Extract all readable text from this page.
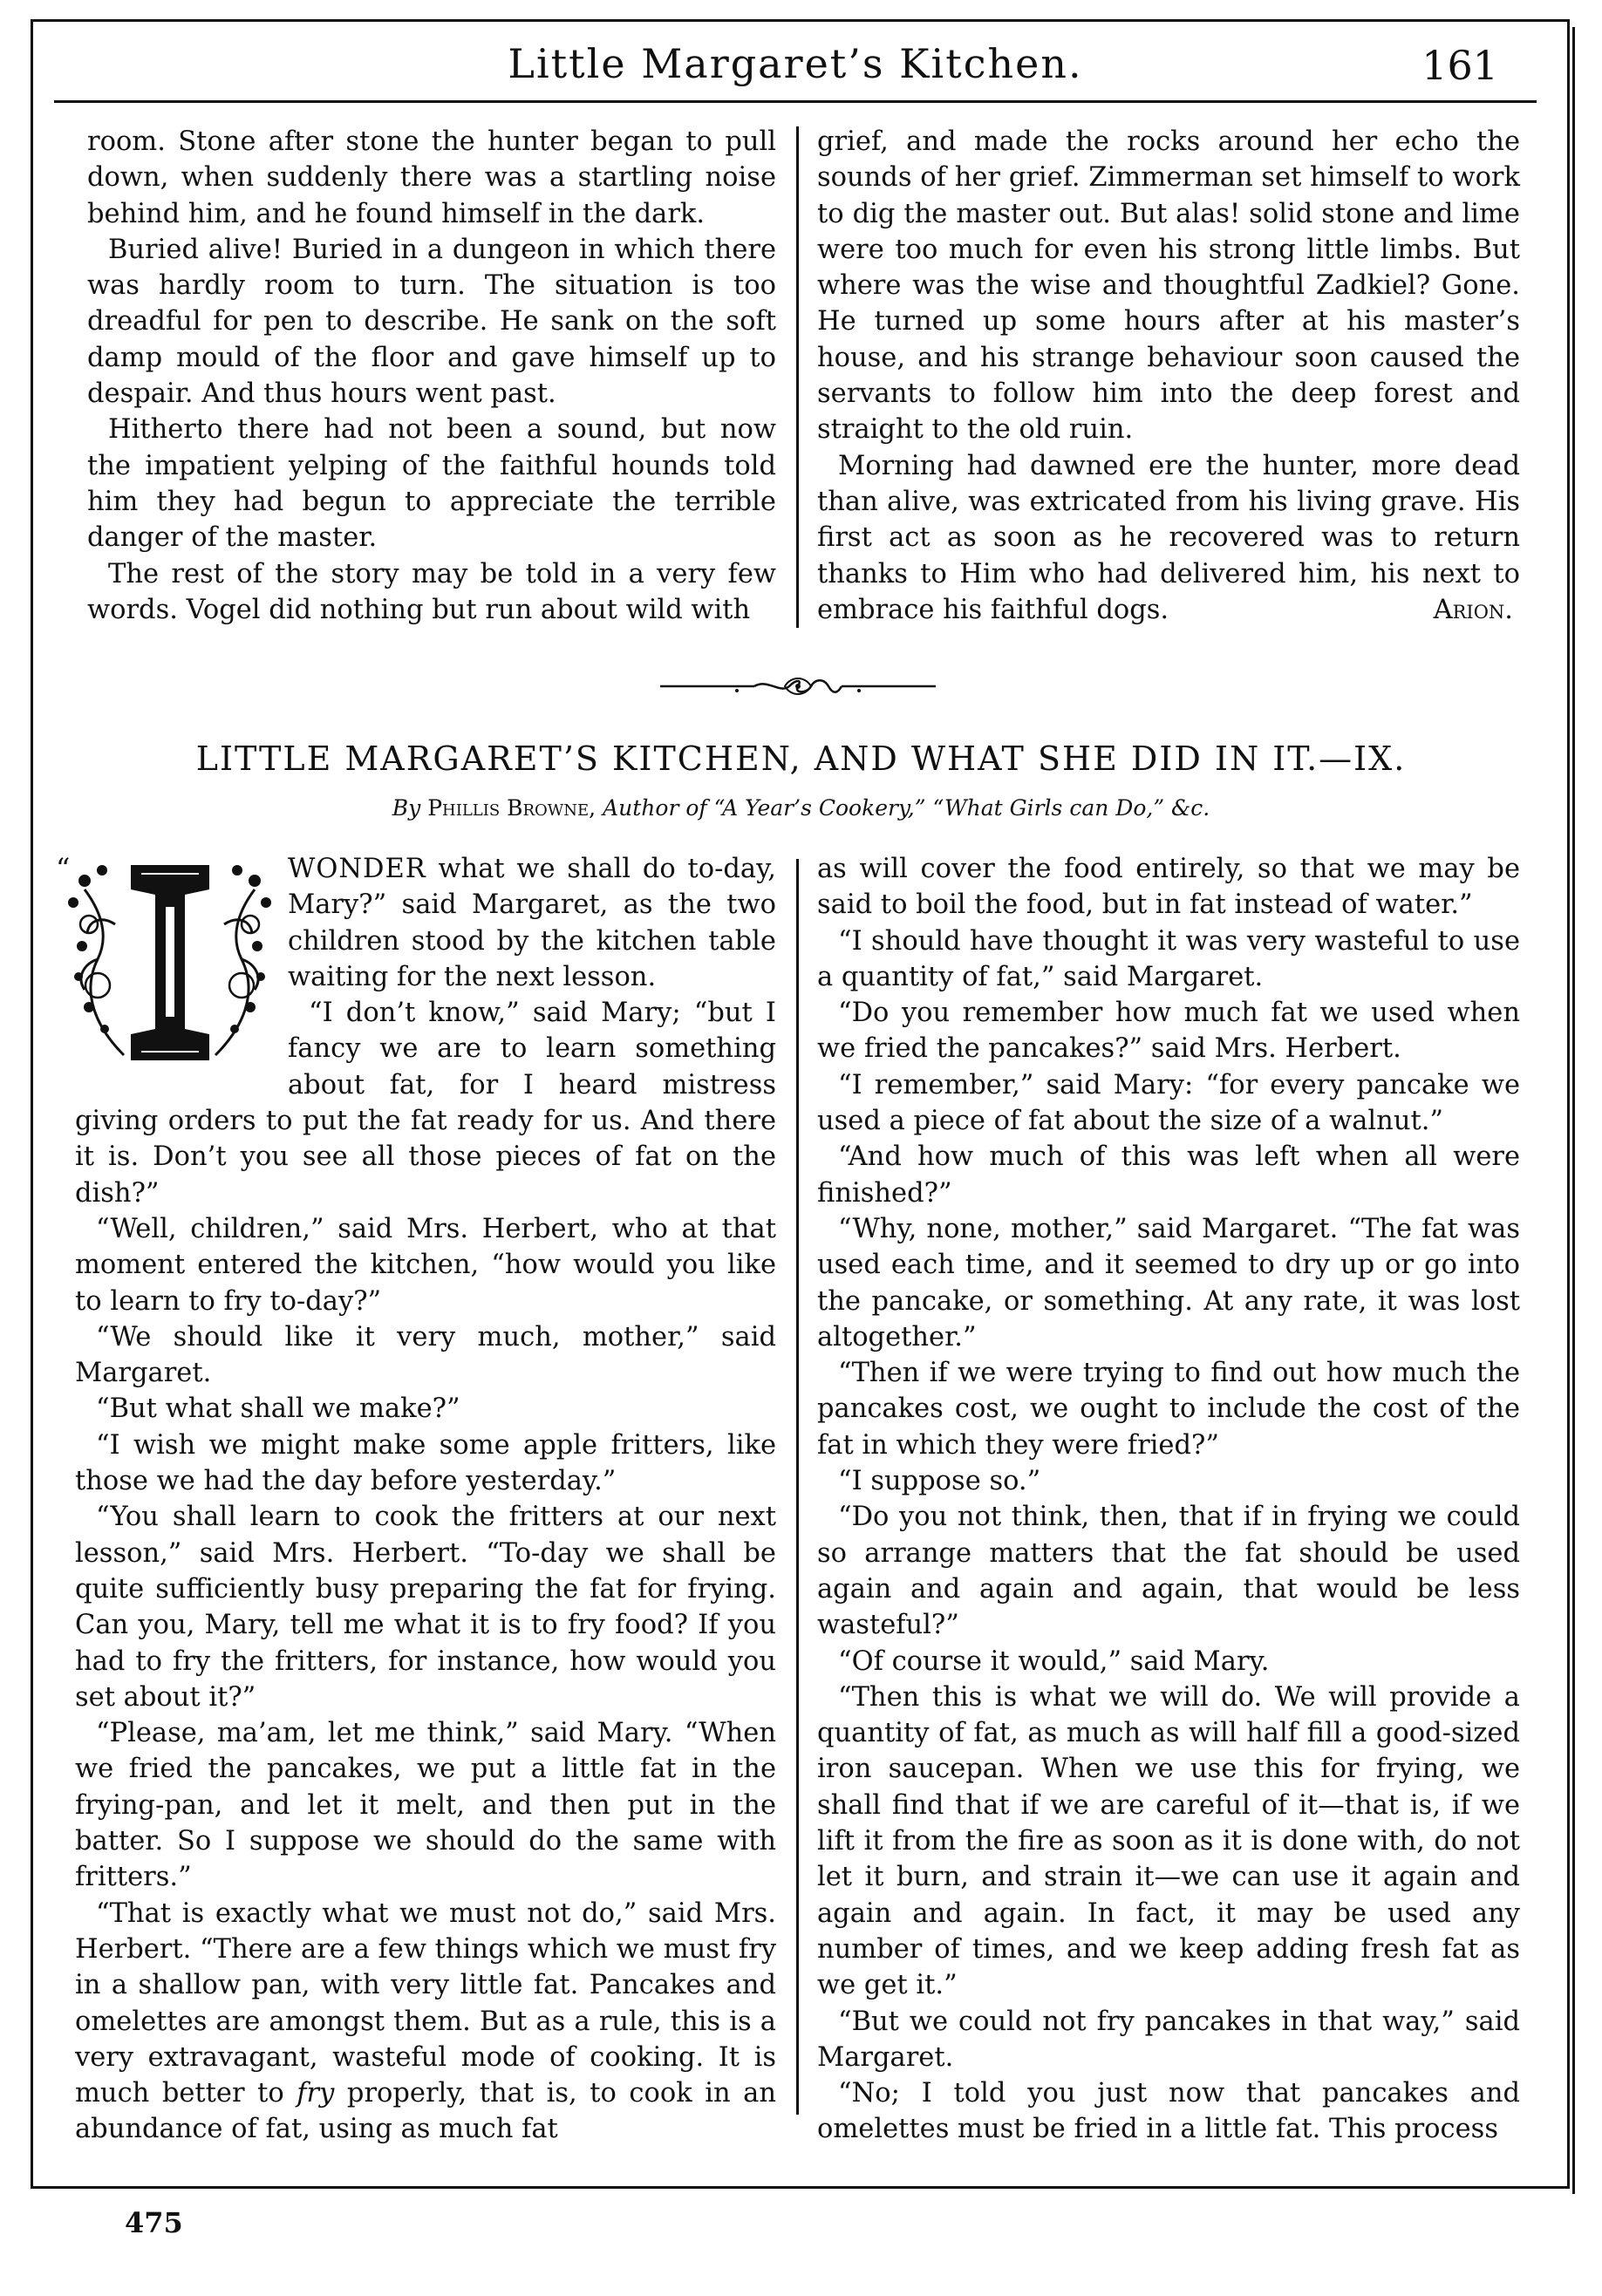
Little Margaret’s Kitchen.	161

room. Stone after stone the hunter began to pull down, when suddenly there was a startling noise behind him, and he found himself in the dark.

Buried alive! Buried in a dungeon in which there was hardly room to turn. The situation is too dreadful for pen to describe. He sank on the soft damp mould of the floor and gave himself up to despair. And thus hours went past.

Hitherto there had not been a sound, but now the impatient yelping of the faithful hounds told him they had begun to appreciate the terrible danger of the master.

The rest of the story may be told in a very few words. Vogel did nothing but run about wild with

grief, and made the rocks around her echo the sounds of her grief. Zimmerman set himself to work to dig the master out. But alas! solid stone and lime were too much for even his strong little limbs. But where was the wise and thoughtful Zadkiel? Gone. He turned up some hours after at his master’s house, and his strange behaviour soon caused the servants to follow him into the deep forest and straight to the old ruin.

Morning had dawned ere the hunter, more dead than alive, was extricated from his living grave. His first act as soon as he recovered was to return thanks to Him who had delivered him, his next to embrace his faithful dogs.	Arion.

LITTLE MARGARET’S KITCHEN, AND WHAT SHE DID IN IT.—IX.
By Phillis Browne, Author of “A Year’s Cookery,” “What Girls can Do,” &c.
“	WONDER what we shall do to-day, Mary?” said Margaret, as the two children stood by the kitchen table waiting for the next lesson.

“I don’t know,” said Mary; “but I fancy we are to learn something about fat, for I heard mistress giving orders to put the fat ready for us. And there it is. Don’t you see all those pieces of fat on the dish?”

“Well, children,” said Mrs. Herbert, who at that moment entered the kitchen, “how would you like to learn to fry to-day?”

“We should like it very much, mother,” said Margaret.

“But what shall we make?”

“I wish we might make some apple fritters, like those we had the day before yesterday.”

“You shall learn to cook the fritters at our next lesson,” said Mrs. Herbert. “To-day we shall be quite sufficiently busy preparing the fat for frying. Can you, Mary, tell me what it is to fry food? If you had to fry the fritters, for instance, how would you set about it?”

“Please, ma’am, let me think,” said Mary. “When we fried the pancakes, we put a little fat in the frying-pan, and let it melt, and then put in the batter. So I suppose we should do the same with fritters.”

“That is exactly what we must not do,” said Mrs. Herbert. “There are a few things which we must fry in a shallow pan, with very little fat. Pancakes and omelettes are amongst them. But as a rule, this is a very extravagant, wasteful mode of cooking. It is much better to fry properly, that is, to cook in an abundance of fat, using as much fat

as will cover the food entirely, so that we may be said to boil the food, but in fat instead of water.”

“I should have thought it was very wasteful to use a quantity of fat,” said Margaret.

“Do you remember how much fat we used when we fried the pancakes?” said Mrs. Herbert.

“I remember,” said Mary: “for every pancake we used a piece of fat about the size of a walnut.”

“And how much of this was left when all were finished?”

“Why, none, mother,” said Margaret. “The fat was used each time, and it seemed to dry up or go into the pancake, or something. At any rate, it was lost altogether.”

“Then if we were trying to find out how much the pancakes cost, we ought to include the cost of the fat in which they were fried?”

“I suppose so.”

“Do you not think, then, that if in frying we could so arrange matters that the fat should be used again and again and again, that would be less wasteful?”

“Of course it would,” said Mary.

“Then this is what we will do. We will provide a quantity of fat, as much as will half fill a good-sized iron saucepan. When we use this for frying, we shall find that if we are careful of it—that is, if we lift it from the fire as soon as it is done with, do not let it burn, and strain it—we can use it again and again and again. In fact, it may be used any number of times, and we keep adding fresh fat as we get it.”

“But we could not fry pancakes in that way,” said Margaret.

“No; I told you just now that pancakes and omelettes must be fried in a little fat. This process

475
